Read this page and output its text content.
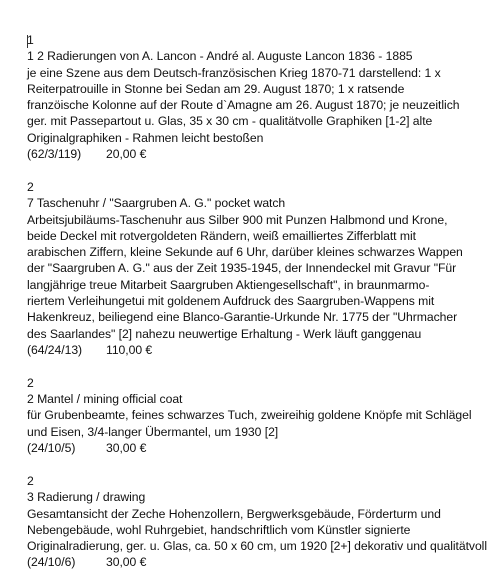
1

1 2 Radierungen von A. Lancon - André al. Auguste Lancon 1836 - 1885

je eine Szene aus dem Deutsch-französischen Krieg 1870-71 darstellend: 1 x

Reiterpatrouille in Stonne bei Sedan am 29. August 1870; 1 x ratsende

franzöische Kolonne auf der Route d`Amagne am 26. August 1870; je neuzeitlich

ger. mit Passepartout u. Glas, 35 x 30 cm - qualitätvolle Graphiken [1-2] alte

Originalgraphiken - Rahmen leicht bestoßen

(62/3/119)	20,00 €

2

7 Taschenuhr / "Saargruben A. G." pocket watch

Arbeitsjubiläums-Taschenuhr aus Silber 900 mit Punzen Halbmond und Krone,

beide Deckel mit rotvergoldeten Rändern, weiß emailliertes Zifferblatt mit

arabischen Ziffern, kleine Sekunde auf 6 Uhr, darüber kleines schwarzes Wappen

der "Saargruben A. G." aus der Zeit 1935-1945, der Innendeckel mit Gravur "Für

langjährige treue Mitarbeit Saargruben Aktiengesellschaft", in braunmarmo-

riertem Verleihungetui mit goldenem Aufdruck des Saargruben-Wappens mit

Hakenkreuz, beiliegend eine Blanco-Garantie-Urkunde Nr. 1775 der "Uhrmacher

des Saarlandes" [2] nahezu neuwertige Erhaltung - Werk läuft ganggenau

(64/24/13)	110,00 €

2

2 Mantel / mining official coat

für Grubenbeamte, feines schwarzes Tuch, zweireihig goldene Knöpfe mit Schlägel

und Eisen, 3/4-langer Übermantel, um 1930 [2]

(24/10/5)	30,00 €

2

3 Radierung / drawing

Gesamtansicht der Zeche Hohenzollern, Bergwerksgebäude, Förderturm und

Nebengebäude, wohl Ruhrgebiet, handschriftlich vom Künstler signierte

Originalradierung, ger. u. Glas, ca. 50 x 60 cm, um 1920 [2+] dekorativ und qualitätvoll

(24/10/6)	30,00 €
